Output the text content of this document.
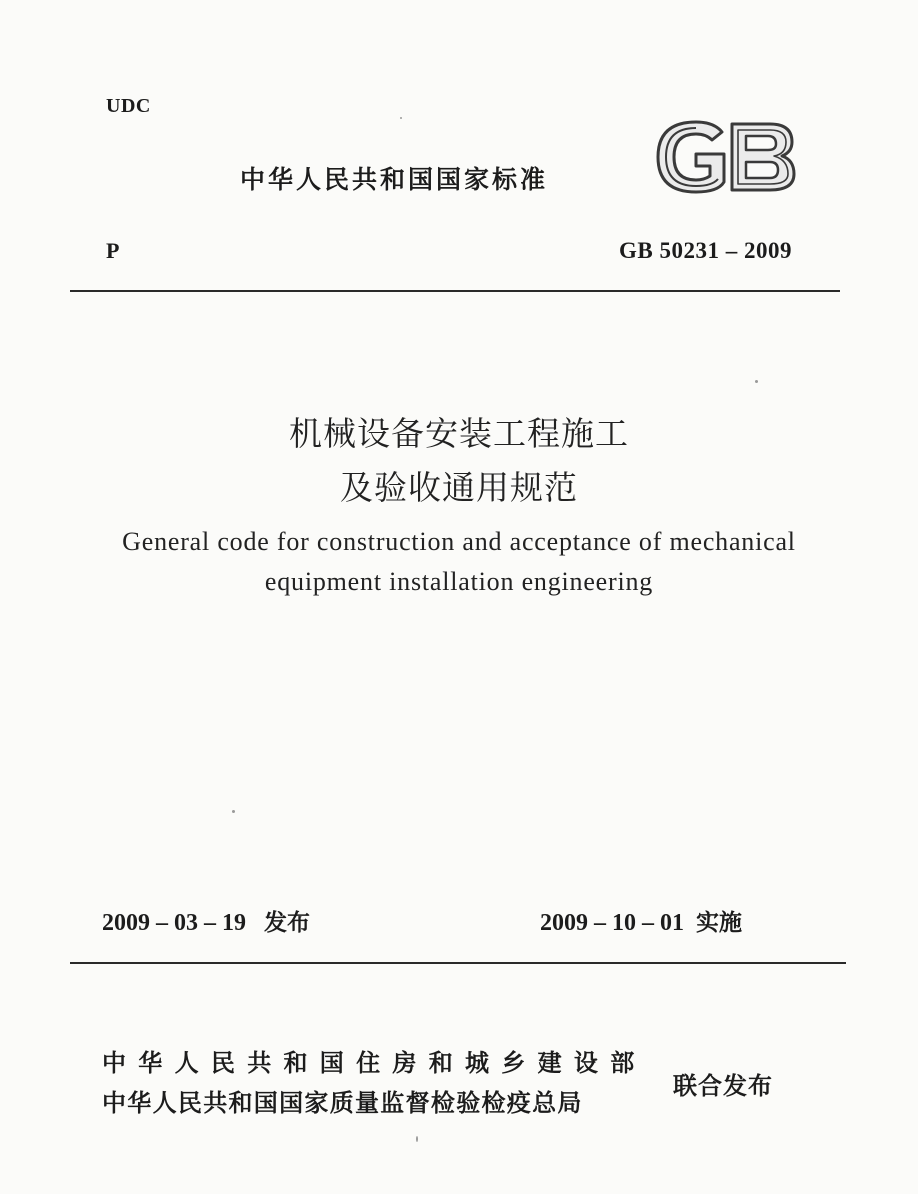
UDC
中华人民共和国国家标准
P	GB 50231 – 2009
机械设备安装工程施工
及验收通用规范
General code for construction and acceptance of mechanical
equipment installation engineering
2009 – 03 – 19 发布	2009 – 10 – 01 实施
中华人民共和国住房和城乡建设部
中华人民共和国国家质量监督检验检疫总局
联合发布
